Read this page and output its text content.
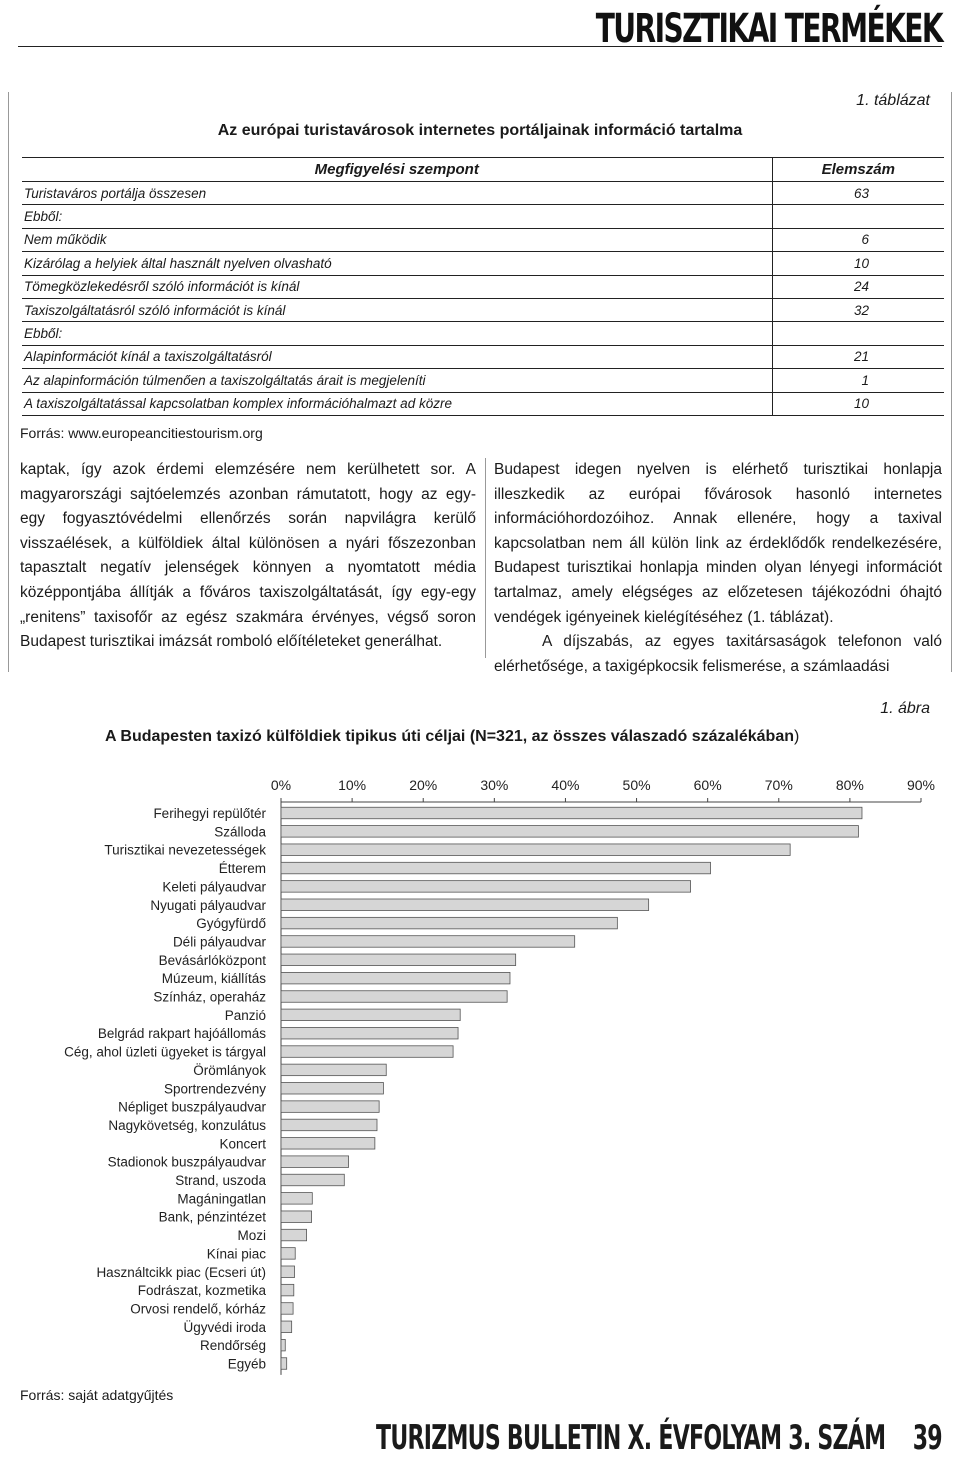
TURISZTIKAI TERMÉKEK
1. táblázat
Az európai turistavárosok internetes portáljainak információ tartalma
Megfigyelési szempont	Elemszám
Turistaváros portálja összesen	63
Ebből:	
Nem működik	6
Kizárólag a helyiek által használt nyelven olvasható	10
Tömegközlekedésről szóló információt is kínál	24
Taxiszolgáltatásról szóló információt is kínál	32
Ebből:	
Alapinformációt kínál a taxiszolgáltatásról	21
Az alapinformáción túlmenően a taxiszolgáltatás árait is megjeleníti	1
A taxiszolgáltatással kapcsolatban komplex információhalmazt ad közre	10
Forrás: www.europeancitiestourism.org
kaptak, így azok érdemi elemzésére nem kerülhetett sor. A magyarországi sajtóelemzés azonban rámutatott, hogy az egy-egy fogyasztóvédelmi ellenőrzés során napvilágra kerülő visszaélések, a külföldiek által különösen a nyári főszezonban tapasztalt negatív jelenségek könnyen a nyomtatott média középpontjába állítják a főváros taxiszolgáltatását, így egy-egy „renitens” taxisofőr az egész szakmára érvényes, végső soron Budapest turisztikai imázsát romboló előítéleteket generálhat.

Budapest idegen nyelven is elérhető turisztikai honlapja illeszkedik az európai fővárosok hasonló internetes információhordozóihoz. Annak ellenére, hogy a taxival kapcsolatban nem áll külön link az érdeklődők rendelkezésére, Budapest turisztikai honlapja minden olyan lényegi információt tartalmaz, amely elégséges az előzetesen tájékozódni óhajtó vendégek igényeinek kielégítéséhez (1. táblázat).

A díjszabás, az egyes taxitársaságok telefonon való elérhetősége, a taxigépkocsik felismerése, a számlaadási

1. ábra
A Budapesten taxizó külföldiek tipikus úti céljai (N=321, az összes válaszadó százalékában)
0%	10%	20%	30%	40%	50%	60%	70%	80%	90%
Ferihegyi repülőtér
Szálloda
Turisztikai nevezetességek
Étterem
Keleti pályaudvar
Nyugati pályaudvar
Gyógyfürdő
Déli pályaudvar
Bevásárlóközpont
Múzeum, kiállítás
Színház, operaház
Panzió
Belgrád rakpart hajóállomás
Cég, ahol üzleti ügyeket is tárgyal
Örömlányok
Sportrendezvény
Népliget buszpályaudvar
Nagykövetség, konzulátus
Koncert
Stadionok buszpályaudvar
Strand, uszoda
Magáningatlan
Bank, pénzintézet
Mozi
Kínai piac
Használtcikk piac (Ecseri út)
Fodrászat, kozmetika
Orvosi rendelő, kórház
Ügyvédi iroda
Rendőrség
Egyéb
Forrás: saját adatgyűjtés
TURIZMUS BULLETIN X. ÉVFOLYAM 3. SZÁM 39
